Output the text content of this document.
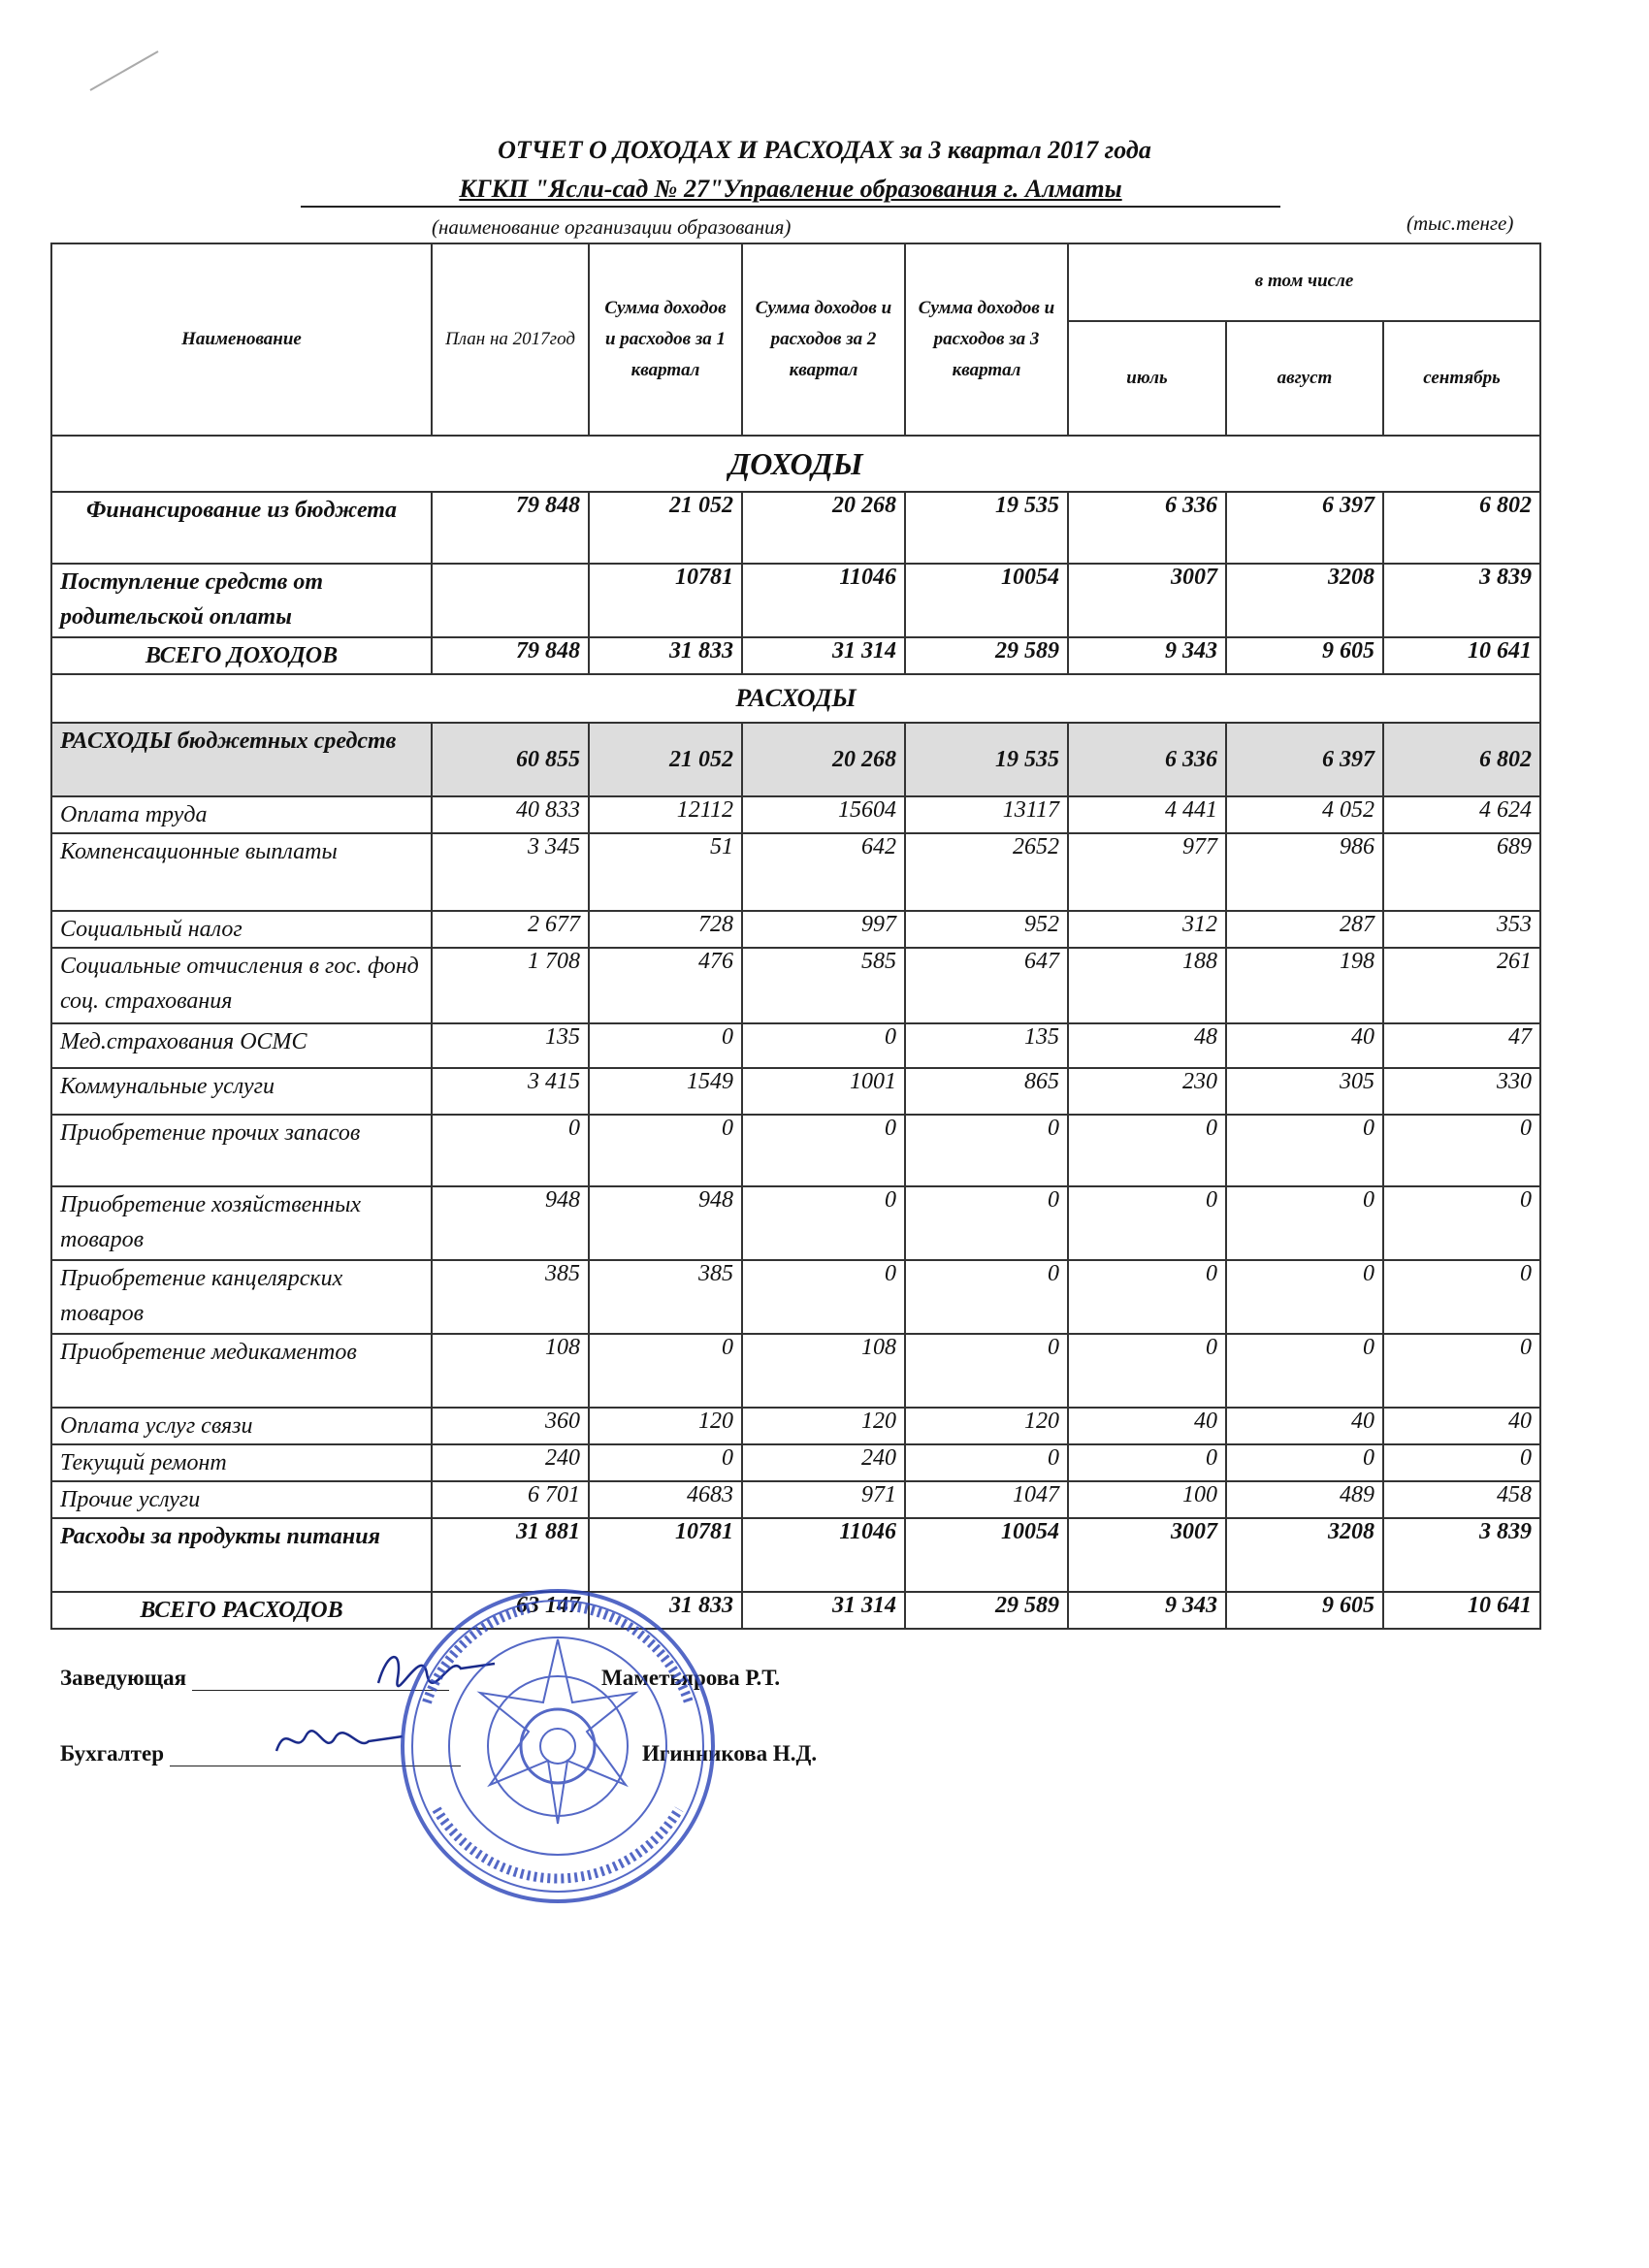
ОТЧЕТ О ДОХОДАХ И РАСХОДАХ за 3 квартал 2017 года
КГКП "Ясли-сад № 27"Управление образования г. Алматы
(наименование организации образования)	(тыс.тенге)
Наименование	План на 2017год	Сумма доходов и расходов за 1 квартал	Сумма доходов и расходов за 2 квартал	Сумма доходов и расходов за 3 квартал	в том числе		
					июль	август	сентябрь
ДОХОДЫ							
Финансирование из бюджета	79 848	21 052	20 268	19 535	6 336	6 397	6 802
Поступление средств от родительской оплаты		10781	11046	10054	3007	3208	3 839
ВСЕГО ДОХОДОВ	79 848	31 833	31 314	29 589	9 343	9 605	10 641
РАСХОДЫ							
РАСХОДЫ бюджетных средств	60 855	21 052	20 268	19 535	6 336	6 397	6 802
Оплата труда	40 833	12112	15604	13117	4 441	4 052	4 624
Компенсационные выплаты	3 345	51	642	2652	977	986	689
Социальный налог	2 677	728	997	952	312	287	353
Социальные отчисления в гос. фонд соц. страхования	1 708	476	585	647	188	198	261
Мед.страхования ОСМС	135	0	0	135	48	40	47
Коммунальные услуги	3 415	1549	1001	865	230	305	330
Приобретение прочих запасов	0	0	0	0	0	0	0
Приобретение хозяйственных товаров	948	948	0	0	0	0	0
Приобретение канцелярских товаров	385	385	0	0	0	0	0
Приобретение медикаментов	108	0	108	0	0	0	0
Оплата услуг связи	360	120	120	120	40	40	40
Текущий ремонт	240	0	240	0	0	0	0
Прочие услуги	6 701	4683	971	1047	100	489	458
Расходы за продукты питания	31 881	10781	11046	10054	3007	3208	3 839
ВСЕГО РАСХОДОВ	63 147	31 833	31 314	29 589	9 343	9 605	10 641
Заведующая	Маметьярова Р.Т.
Бухгалтер	Игинникова Н.Д.
